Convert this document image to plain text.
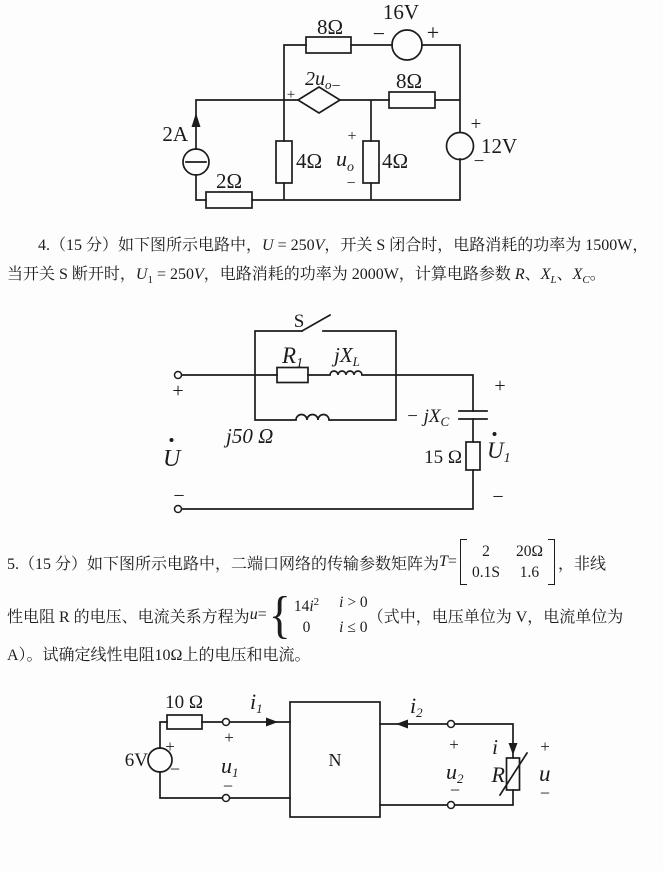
8Ω
16V
− +
$2u_o$
+ −	8Ω
2A
2Ω
4Ω
+
$u_o$
−
4Ω
+
12V
−
4.（15 分）如下图所示电路中，U = 250V，开关 S 闭合时，电路消耗的功率为 1500W，
当开关 S 断开时，$U_1 = 250V$，电路消耗的功率为 2000W，计算电路参数 R、$X_L$、$X_C$。
S
R1 jXL
j50 Ω
− $jX_C$
15 Ω
U	U1
+
−
+
−
5.（15 分）如下图所示电路中，二端口网络的传输参数矩阵为 T =
2	20Ω
0.1S 1.6 ，非线
性电阻 R 的电压、电流关系方程为 u = { $14i^2$ i > 0
0	i ≤ 0
（式中，电压单位为 V，电流单位为
A）。试确定线性电阻10Ω上的电压和电流。
10 Ω
6V
+
−
i1
+
u1
−
N
i2
+
u2
−
i
R
+
u
−
